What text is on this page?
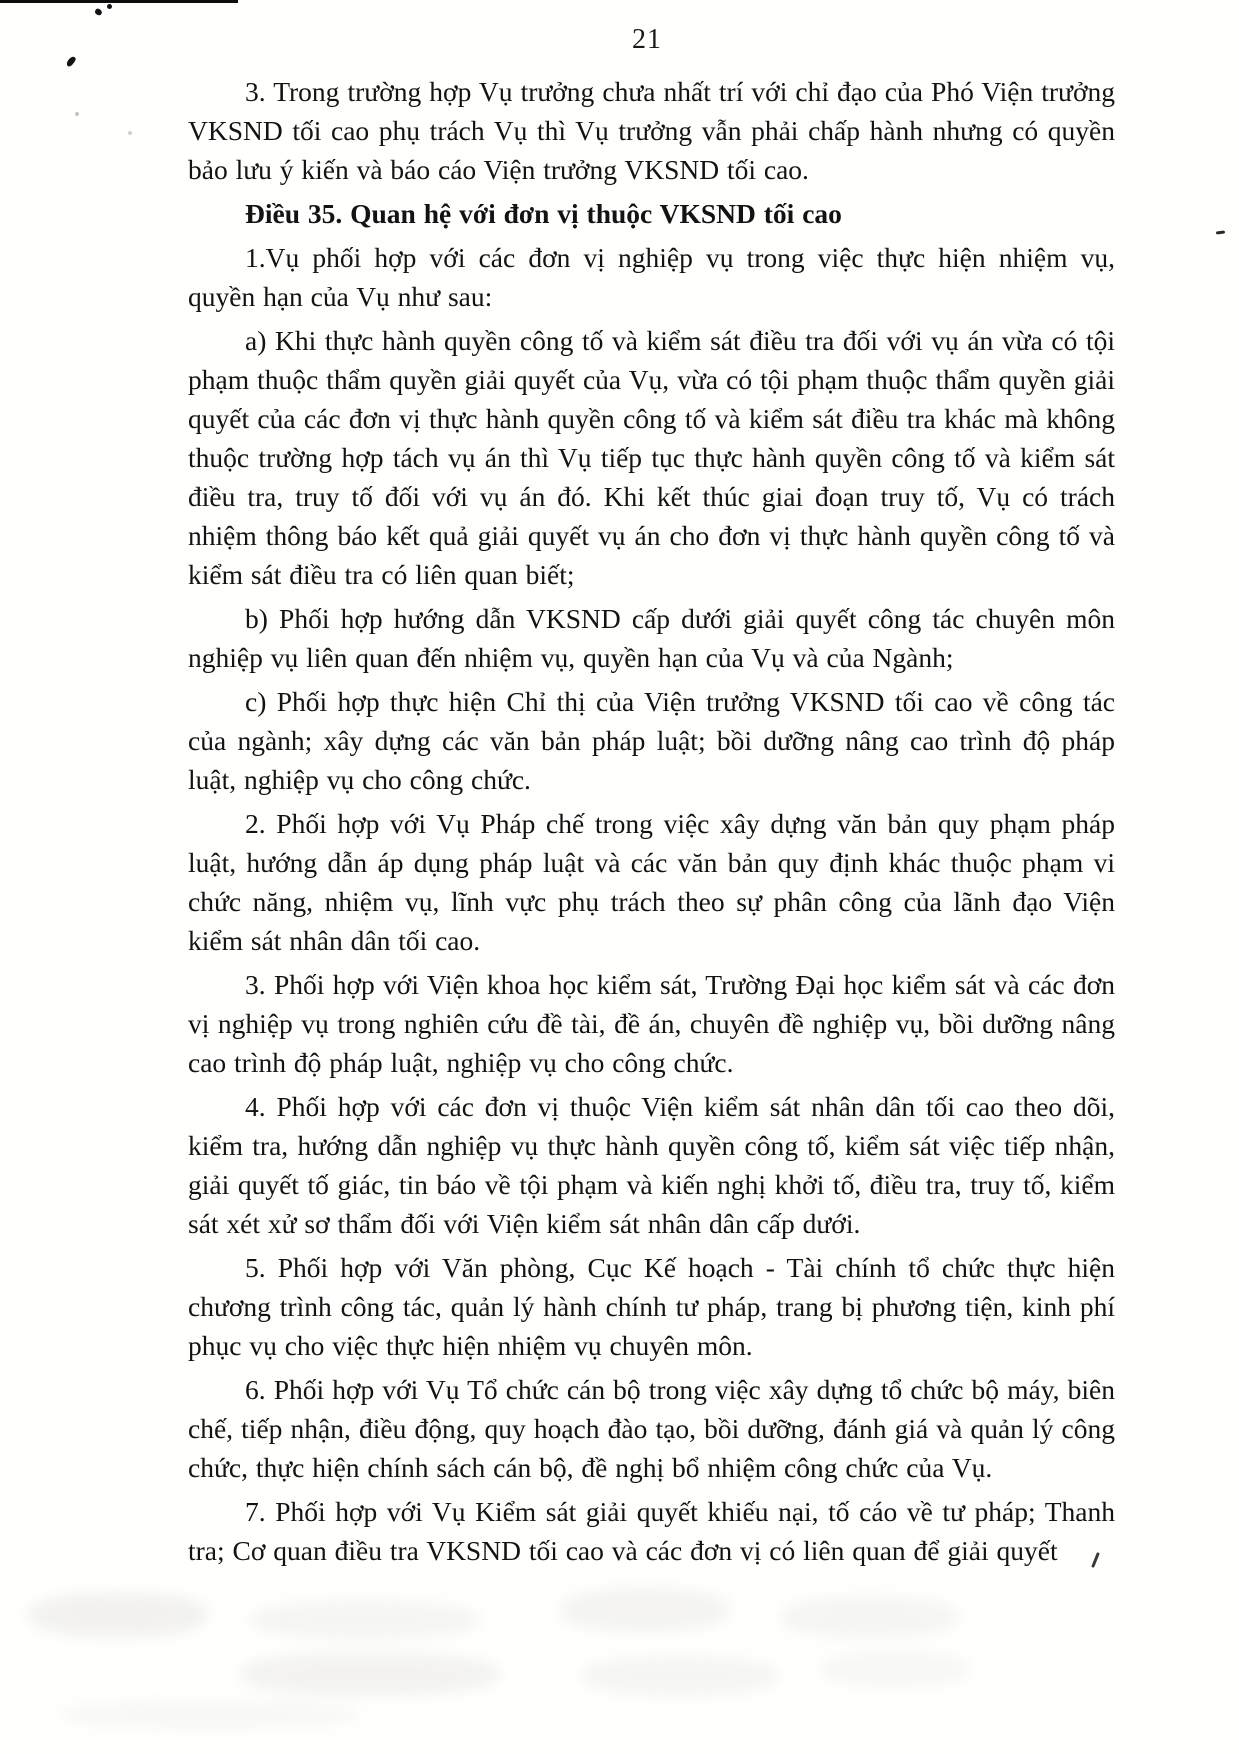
21

3. Trong trường hợp Vụ trưởng chưa nhất trí với chỉ đạo của Phó Viện trưởng VKSND tối cao phụ trách Vụ thì Vụ trưởng vẫn phải chấp hành nhưng có quyền bảo lưu ý kiến và báo cáo Viện trưởng VKSND tối cao.

Điều 35. Quan hệ với đơn vị thuộc VKSND tối cao

1.Vụ phối hợp với các đơn vị nghiệp vụ trong việc thực hiện nhiệm vụ, quyền hạn của Vụ như sau:

a) Khi thực hành quyền công tố và kiểm sát điều tra đối với vụ án vừa có tội phạm thuộc thẩm quyền giải quyết của Vụ, vừa có tội phạm thuộc thẩm quyền giải quyết của các đơn vị thực hành quyền công tố và kiểm sát điều tra khác mà không thuộc trường hợp tách vụ án thì Vụ tiếp tục thực hành quyền công tố và kiểm sát điều tra, truy tố đối với vụ án đó. Khi kết thúc giai đoạn truy tố, Vụ có trách nhiệm thông báo kết quả giải quyết vụ án cho đơn vị thực hành quyền công tố và kiểm sát điều tra có liên quan biết;

b) Phối hợp hướng dẫn VKSND cấp dưới giải quyết công tác chuyên môn nghiệp vụ liên quan đến nhiệm vụ, quyền hạn của Vụ và của Ngành;

c) Phối hợp thực hiện Chỉ thị của Viện trưởng VKSND tối cao về công tác của ngành; xây dựng các văn bản pháp luật; bồi dưỡng nâng cao trình độ pháp luật, nghiệp vụ cho công chức.

2. Phối hợp với Vụ Pháp chế trong việc xây dựng văn bản quy phạm pháp luật, hướng dẫn áp dụng pháp luật và các văn bản quy định khác thuộc phạm vi chức năng, nhiệm vụ, lĩnh vực phụ trách theo sự phân công của lãnh đạo Viện kiểm sát nhân dân tối cao.

3. Phối hợp với Viện khoa học kiểm sát, Trường Đại học kiểm sát và các đơn vị nghiệp vụ trong nghiên cứu đề tài, đề án, chuyên đề nghiệp vụ, bồi dưỡng nâng cao trình độ pháp luật, nghiệp vụ cho công chức.

4. Phối hợp với các đơn vị thuộc Viện kiểm sát nhân dân tối cao theo dõi, kiểm tra, hướng dẫn nghiệp vụ thực hành quyền công tố, kiểm sát việc tiếp nhận, giải quyết tố giác, tin báo về tội phạm và kiến nghị khởi tố, điều tra, truy tố, kiểm sát xét xử sơ thẩm đối với Viện kiểm sát nhân dân cấp dưới.

5. Phối hợp với Văn phòng, Cục Kế hoạch - Tài chính tổ chức thực hiện chương trình công tác, quản lý hành chính tư pháp, trang bị phương tiện, kinh phí phục vụ cho việc thực hiện nhiệm vụ chuyên môn.

6. Phối hợp với Vụ Tổ chức cán bộ trong việc xây dựng tổ chức bộ máy, biên chế, tiếp nhận, điều động, quy hoạch đào tạo, bồi dưỡng, đánh giá và quản lý công chức, thực hiện chính sách cán bộ, đề nghị bổ nhiệm công chức của Vụ.

7. Phối hợp với Vụ Kiểm sát giải quyết khiếu nại, tố cáo về tư pháp; Thanh tra; Cơ quan điều tra VKSND tối cao và các đơn vị có liên quan để giải quyết
